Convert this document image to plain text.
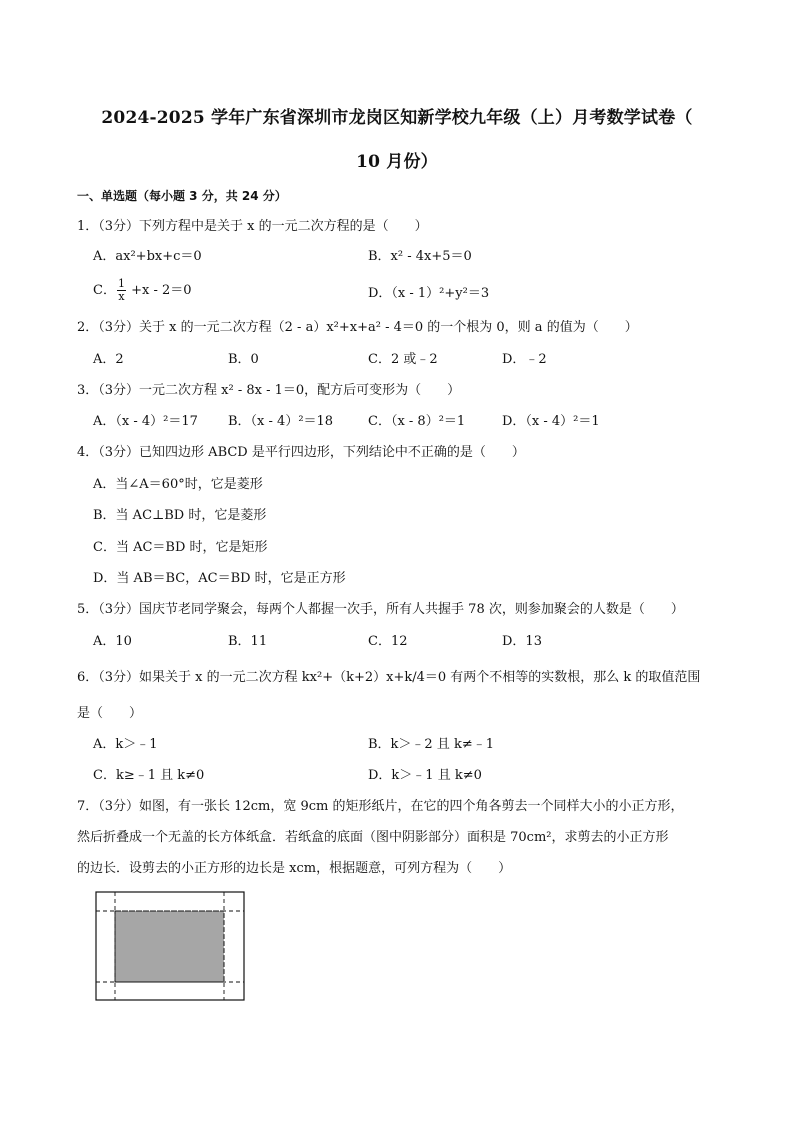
2024-2025 学年广东省深圳市龙岗区知新学校九年级（上）月考数学试卷（
10 月份）
一、单选题（每小题 3 分，共 24 分）
1．（3分）下列方程中是关于 x 的一元二次方程的是（　　）
A．ax²+bx+c＝0	B．x² - 4x+5＝0
C． $\frac{1}{x} +x - 2=0$	D．（x - 1）²+y²＝3
2．（3分）关于 x 的一元二次方程（2 - a）x²+x+a² - 4＝0 的一个根为 0，则 a 的值为（　　）
A．2	B．0	C．2 或﹣2	D．﹣2
3．（3分）一元二次方程 x² - 8x - 1＝0，配方后可变形为（　　）
A．（x - 4）²＝17 B．（x - 4）²＝18	C．（x - 8）²＝1	D．（x - 4）²＝1
4．（3分）已知四边形 ABCD 是平行四边形，下列结论中不正确的是（　　）
A．当∠A＝60°时，它是菱形
B．当 AC⊥BD 时，它是菱形
C．当 AC＝BD 时，它是矩形
D．当 AB＝BC，AC＝BD 时，它是正方形
5．（3分）国庆节老同学聚会，每两个人都握一次手，所有人共握手 78 次，则参加聚会的人数是（　　）
A．10	B．11	C．12	D．13
6．（3分）如果关于 x 的一元二次方程 kx²+（k+2）x+k/4＝0 有两个不相等的实数根，那么 k 的取值范围
是（　　）
A．k＞﹣1	B．k＞﹣2 且 k≠﹣1
C．k≥﹣1 且 k≠0	D．k＞﹣1 且 k≠0
7．（3分）如图，有一张长 12cm，宽 9cm 的矩形纸片，在它的四个角各剪去一个同样大小的小正方形，
然后折叠成一个无盖的长方体纸盒．若纸盒的底面（图中阴影部分）面积是 70cm²，求剪去的小正方形
的边长．设剪去的小正方形的边长是 xcm，根据题意，可列方程为（　　）
